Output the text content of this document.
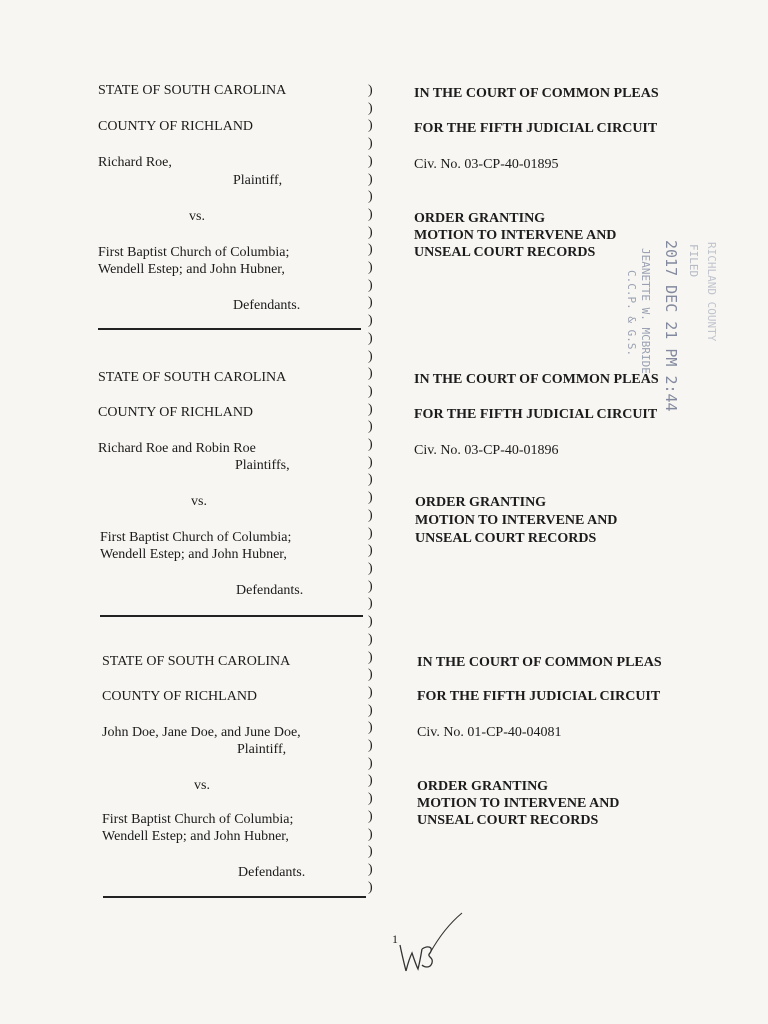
STATE OF SOUTH CAROLINA
COUNTY OF RICHLAND
Richard Roe,
Plaintiff,
vs.
First Baptist Church of Columbia;
Wendell Estep; and John Hubner,
Defendants.
IN THE COURT OF COMMON PLEAS
FOR THE FIFTH JUDICIAL CIRCUIT
Civ. No. 03-CP-40-01895
ORDER GRANTING
MOTION TO INTERVENE AND
UNSEAL COURT RECORDS
STATE OF SOUTH CAROLINA
COUNTY OF RICHLAND
Richard Roe and Robin Roe
Plaintiffs,
vs.
First Baptist Church of Columbia;
Wendell Estep; and John Hubner,
Defendants.
IN THE COURT OF COMMON PLEAS
FOR THE FIFTH JUDICIAL CIRCUIT
Civ. No. 03-CP-40-01896
ORDER GRANTING
MOTION TO INTERVENE AND
UNSEAL COURT RECORDS
STATE OF SOUTH CAROLINA
COUNTY OF RICHLAND
John Doe, Jane Doe, and June Doe,
Plaintiff,
vs.
First Baptist Church of Columbia;
Wendell Estep; and John Hubner,
Defendants.
IN THE COURT OF COMMON PLEAS
FOR THE FIFTH JUDICIAL CIRCUIT
Civ. No. 01-CP-40-04081
ORDER GRANTING
MOTION TO INTERVENE AND
UNSEAL COURT RECORDS
)
)
)
)
)
)
)
)
)
)
)
)
)
)
)
)
)
)
)
)
)
)
)
)
)
)
)
)
)
)
)
)
)
)
)
)
)
)
)
)
)
)
)
)
)
)
RICHLAND COUNTY
FILED
2017 DEC 21 PM 2:44
JEANETTE W. MCBRIDE
C.C.P. & G.S.
1
